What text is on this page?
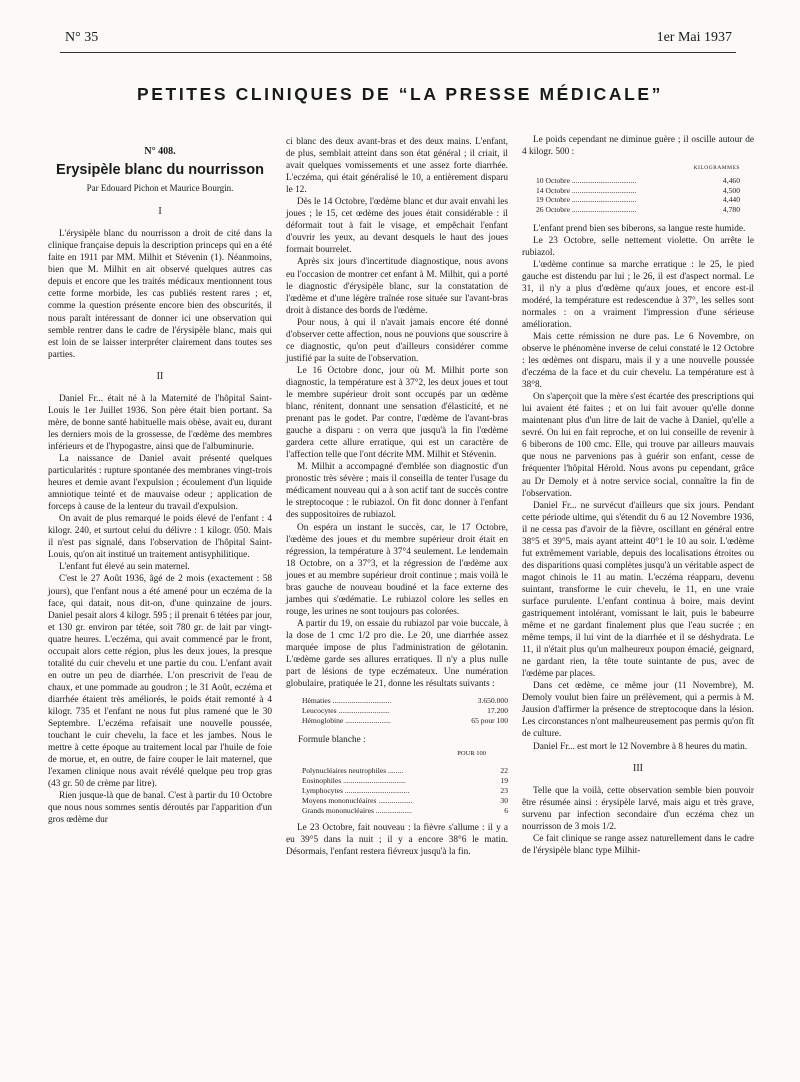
N° 35	1er Mai 1937
PETITES CLINIQUES DE “LA PRESSE MÉDICALE”
N° 408.
Erysipèle blanc du nourrisson
Par Edouard Pichon et Maurice Bourgin.
I

L'érysipèle blanc du nourrisson a droit de cité dans la clinique française depuis la description princeps qui en a été faite en 1911 par MM. Milhit et Stévenin (1). Néanmoins, bien que M. Milhit en ait observé quelques autres cas depuis et encore que les traités médicaux mentionnent tous cette forme morbide, les cas publiés restent rares ; et, comme la question présente encore bien des obscurités, il nous paraît intéressant de donner ici une observation qui semble rentrer dans le cadre de l'érysipèle blanc, mais qui est loin de se laisser interpréter clairement dans toutes ses parties.

II

Daniel Fr... était né à la Maternité de l'hôpital Saint-Louis le 1er Juillet 1936. Son père était bien portant. Sa mère, de bonne santé habituelle mais obèse, avait eu, durant les derniers mois de la grossesse, de l'œdème des membres inférieurs et de l'hypogastre, ainsi que de l'albuminurie.

La naissance de Daniel avait présenté quelques particularités : rupture spontanée des membranes vingt-trois heures et demie avant l'expulsion ; écoulement d'un liquide amniotique teinté et de mauvaise odeur ; application de forceps à cause de la lenteur du travail d'expulsion.

On avait de plus remarqué le poids élevé de l'enfant : 4 kilogr. 240, et surtout celui du délivre : 1 kilogr. 050. Mais il n'est pas signalé, dans l'observation de l'hôpital Saint-Louis, qu'on ait institué un traitement antisyphilitique.

L'enfant fut élevé au sein maternel.

C'est le 27 Août 1936, âgé de 2 mois (exactement : 58 jours), que l'enfant nous a été amené pour un eczéma de la face, qui datait, nous dit-on, d'une quinzaine de jours. Daniel pesait alors 4 kilogr. 595 ; il prenait 6 tétées par jour, et 130 gr. environ par tétée, soit 780 gr. de lait par vingt-quatre heures. L'eczéma, qui avait commencé par le front, occupait alors cette région, plus les deux joues, la presque totalité du cuir chevelu et une partie du cou. L'enfant avait en outre un peu de diarrhée. L'on prescrivit de l'eau de chaux, et une pommade au goudron ; le 31 Août, eczéma et diarrhée étaient très améliorés, le poids était remonté à 4 kilogr. 735 et l'enfant ne nous fut plus ramené que le 30 Septembre. L'eczéma refaisait une nouvelle poussée, touchant le cuir chevelu, la face et les jambes. Nous le mettre à cette époque au traitement local par l'huile de foie de morue, et, en outre, de faire couper le lait maternel, que l'examen clinique nous avait révélé quelque peu trop gras (43 gr. 50 de crème par litre).

Rien jusque-là que de banal. C'est à partir du 10 Octobre que nous nous sommes sentis déroutés par l'apparition d'un gros œdème dur

ci blanc des deux avant-bras et des deux mains. L'enfant, de plus, semblait atteint dans son état général ; il criait, il avait quelques vomissements et une assez forte diarrhée. L'eczéma, qui était généralisé le 10, a entièrement disparu le 12.

Dès le 14 Octobre, l'œdème blanc et dur avait envahi les joues ; le 15, cet œdème des joues était considérable : il déformait tout à fait le visage, et empêchait l'enfant d'ouvrir les yeux, au devant desquels le haut des joues formait bourrelet.

Après six jours d'incertitude diagnostique, nous avons eu l'occasion de montrer cet enfant à M. Milhit, qui a porté le diagnostic d'érysipèle blanc, sur la constatation de l'œdème et d'une légère traînée rose située sur l'avant-bras droit à distance des bords de l'œdème.

Pour nous, à qui il n'avait jamais encore été donné d'observer cette affection, nous ne pouvions que souscrire à ce diagnostic, qu'on peut d'ailleurs considérer comme justifié par la suite de l'observation.

Le 16 Octobre donc, jour où M. Milhit porte son diagnostic, la température est à 37°2, les deux joues et tout le membre supérieur droit sont occupés par un œdème blanc, rénitent, donnant une sensation d'élasticité, et ne prenant pas le godet. Par contre, l'œdème de l'avant-bras gauche a disparu : on verra que jusqu'à la fin l'œdème gardera cette allure erratique, qui est un caractère de l'affection telle que l'ont décrite MM. Milhit et Stévenin.

M. Milhit a accompagné d'emblée son diagnostic d'un pronostic très sévère ; mais il conseilla de tenter l'usage du médicament nouveau qui a à son actif tant de succès contre le streptocoque : le rubiazol. On fit donc donner à l'enfant des suppositoires de rubiazol.

On espéra un instant le succès, car, le 17 Octobre, l'œdème des joues et du membre supérieur droit était en régression, la température à 37°4 seulement. Le lendemain 18 Octobre, on a 37°3, et la régression de l'œdème aux joues et au membre supérieur droit continue ; mais voilà le bras gauche de nouveau boudiné et la face externe des jambes qui s'œdématie. Le rubiazol colore les selles en rouge, les urines ne sont toujours pas colorées.

A partir du 19, on essaie du rubiazol par voie buccale, à la dose de 1 cmc 1/2 pro die. Le 20, une diarrhée assez marquée impose de plus l'administration de gélotanin. L'œdème garde ses allures erratiques. Il n'y a plus nulle part de lésions de type eczémateux. Une numération globulaire, pratiquée le 21, donne les résultats suivants :

Hématies ...............................	3.650.000
Leucocytes ...........................	17.200
Hémoglobine ........................	65 pour 100
Formule blanche :
POUR 100
Polynucléaires neutrophiles ........	22
Eosinophiles .................................	19
Lymphocytes ..................................	23
Moyens mononucléaires ..................	30
Grands mononucléaires ...................	6

Le 23 Octobre, fait nouveau : la fièvre s'allume : il y a eu 39°5 dans la nuit ; il y a encore 38°6 le matin. Désormais, l'enfant restera fiévreux jusqu'à la fin.

Le poids cependant ne diminue guère ; il oscille autour de 4 kilogr. 500 :

KILOGRAMMES
10 Octobre ..................................	4,460
14 Octobre ..................................	4,500
19 Octobre ..................................	4,440
26 Octobre ..................................	4,780

L'enfant prend bien ses biberons, sa langue reste humide.

Le 23 Octobre, selle nettement violette. On arrête le rubiazol.

L'œdème continue sa marche erratique : le 25, le pied gauche est distendu par lui ; le 26, il est d'aspect normal. Le 31, il n'y a plus d'œdème qu'aux joues, et encore est-il modéré, la température est redescendue à 37°, les selles sont normales : on a vraiment l'impression d'une sérieuse amélioration.

Mais cette rémission ne dure pas. Le 6 Novembre, on observe le phénomène inverse de celui constaté le 12 Octobre : les œdèmes ont disparu, mais il y a une nouvelle poussée d'eczéma de la face et du cuir chevelu. La température est à 38°8.

On s'aperçoit que la mère s'est écartée des prescriptions qui lui avaient été faites ; et on lui fait avouer qu'elle donne maintenant plus d'un litre de lait de vache à Daniel, qu'elle a sevré. On lui en fait reproche, et on lui conseille de revenir à 6 biberons de 100 cmc. Elle, qui trouve par ailleurs mauvais que nous ne parvenions pas à guérir son enfant, cesse de fréquenter l'hôpital Hérold. Nous avons pu cependant, grâce au Dr Demoly et à notre service social, connaître la fin de l'observation.

Daniel Fr... ne survécut d'ailleurs que six jours. Pendant cette période ultime, qui s'étendit du 6 au 12 Novembre 1936, il ne cessa pas d'avoir de la fièvre, oscillant en général entre 38°5 et 39°5, mais ayant atteint 40°1 le 10 au soir. L'œdème fut extrêmement variable, depuis des localisations étroites ou des disparitions quasi complètes jusqu'à un véritable aspect de magot chinois le 11 au matin. L'eczéma réapparu, devenu suintant, transforme le cuir chevelu, le 11, en une vraie surface purulente. L'enfant continua à boire, mais devint gastriquement intolérant, vomissant le lait, puis le babeurre même et ne gardant finalement plus que l'eau sucrée ; en même temps, il lui vint de la diarrhée et il se déshydrata. Le 11, il n'était plus qu'un malheureux poupon émacié, geignard, ne gardant rien, la tête toute suintante de pus, avec de l'œdème par places.

Dans cet œdème, ce même jour (11 Novembre), M. Demoly voulut bien faire un prélèvement, qui a permis à M. Jausion d'affirmer la présence de streptocoque dans la lésion. Les circonstances n'ont malheureusement pas permis qu'on fît de culture.

Daniel Fr... est mort le 12 Novembre à 8 heures du matin.

III

Telle que la voilà, cette observation semble bien pouvoir être résumée ainsi : érysipèle larvé, mais aigu et très grave, survenu par infection secondaire d'un eczéma chez un nourrisson de 3 mois 1/2.

Ce fait clinique se range assez naturellement dans le cadre de l'érysipèle blanc type Milhit-
